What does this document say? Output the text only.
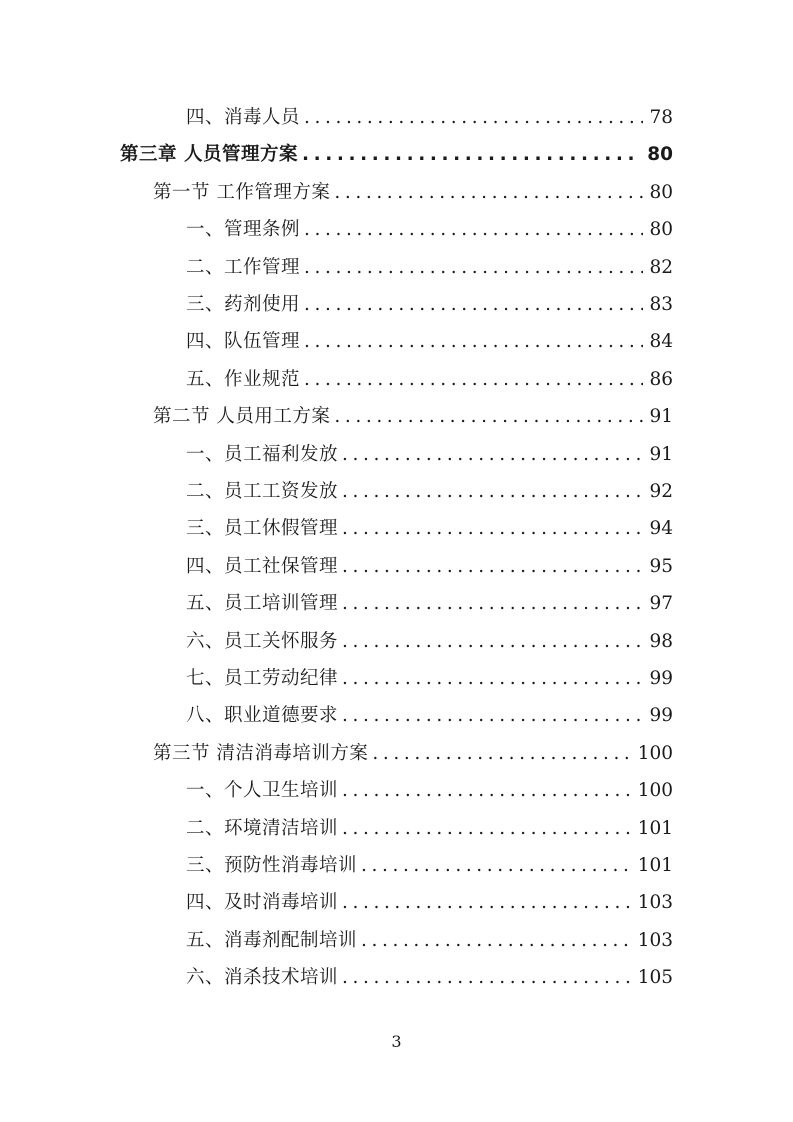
四、消毒人员 .....	78
第三章 人员管理方案 .....	80
第一节 工作管理方案 .....	80
一、管理条例 .....	80
二、工作管理 .....	82
三、药剂使用 .....	83
四、队伍管理 .....	84
五、作业规范 .....	86
第二节 人员用工方案 .....	91
一、员工福利发放 .....	91
二、员工工资发放 .....	92
三、员工休假管理 .....	94
四、员工社保管理 .....	95
五、员工培训管理 .....	97
六、员工关怀服务 .....	98
七、员工劳动纪律 .....	99
八、职业道德要求 .....	99
第三节 清洁消毒培训方案 .....	100
一、个人卫生培训 .....	100
二、环境清洁培训 .....	101
三、预防性消毒培训 .....	101
四、及时消毒培训 .....	103
五、消毒剂配制培训 .....	103
六、消杀技术培训 .....	105
3
